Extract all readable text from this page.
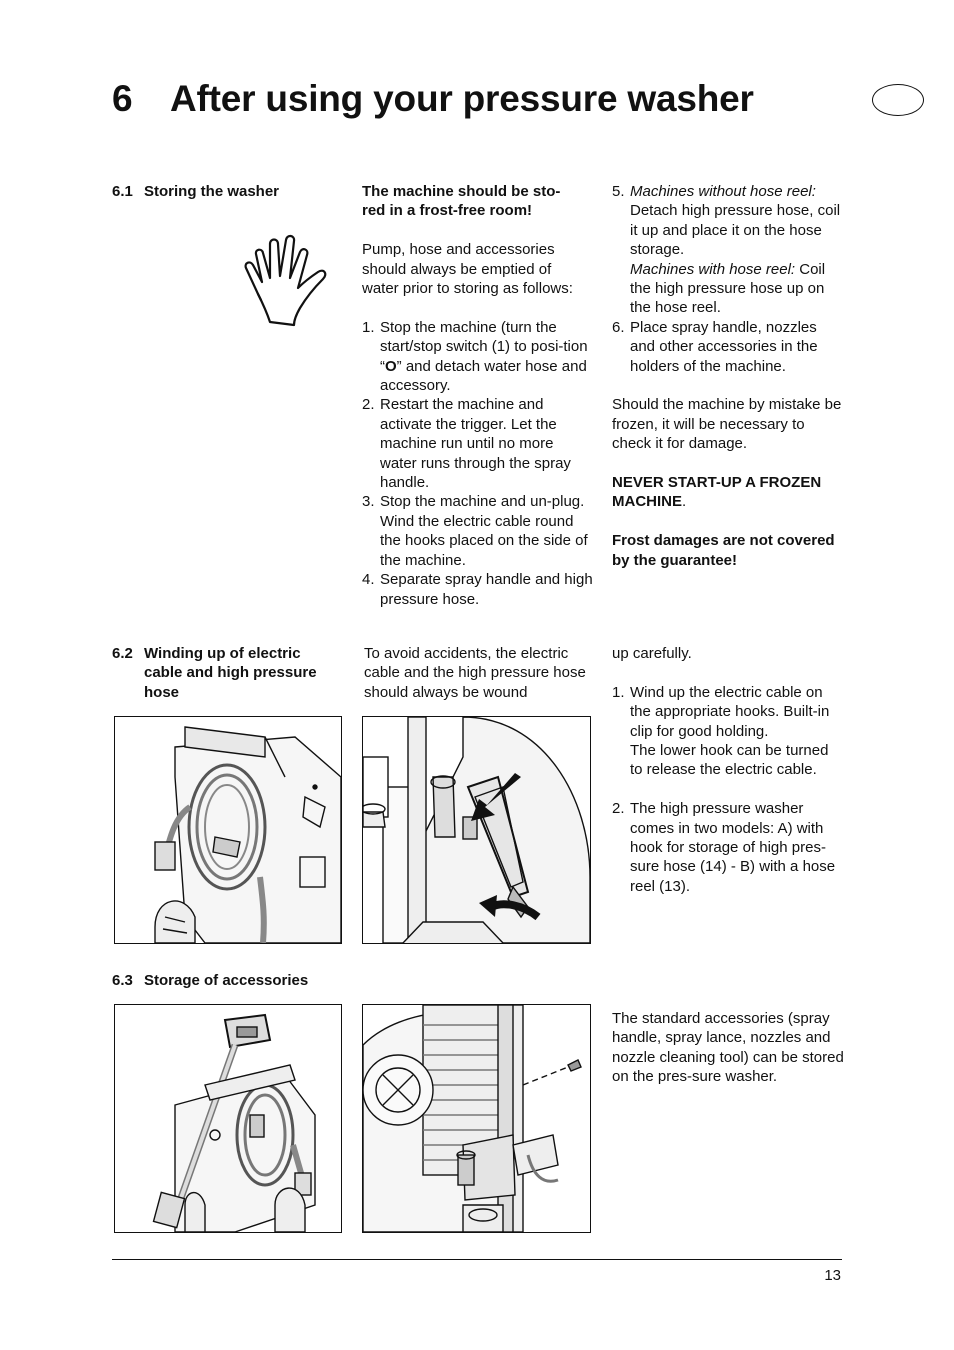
6 After using your pressure washer
6.1 Storing the washer	The machine should be sto-
red in a frost-free room!

Pump, hose and accessories
should always be emptied of
water prior to storing as follows:

1. Stop the machine (turn the start/stop switch (1) to posi-tion “O” and detach water hose and accessory.
2. Restart the machine and activate the trigger. Let the machine run until no more water runs through the spray handle.
3. Stop the machine and un-plug. Wind the electric cable round the hooks placed on the side of the machine.
4. Separate spray handle and high pressure hose.
5. Machines without hose reel:
Detach high pressure hose, coil it up and place it on the hose storage.
Machines with hose reel: Coil the high pressure hose up on the hose reel.
6. Place spray handle, nozzles and other accessories in the holders of the machine.

Should the machine by mistake be frozen, it will be necessary to check it for damage.

NEVER START-UP A FROZEN MACHINE.

Frost damages are not covered by the guarantee!

6.2 Winding up of electric
cable and high pressure
hose

To avoid accidents, the electric cable and the high pressure hose should always be wound

up carefully.

1. Wind up the electric cable on the appropriate hooks. Built-in clip for good holding.
The lower hook can be turned to release the electric cable.
2. The high pressure washer comes in two models: A) with hook for storage of high pres-sure hose (14) - B) with a hose reel (13).
6.3 Storage of accessories

The standard accessories (spray handle, spray lance, nozzles and nozzle cleaning tool) can be stored on the pres-sure washer.

13
